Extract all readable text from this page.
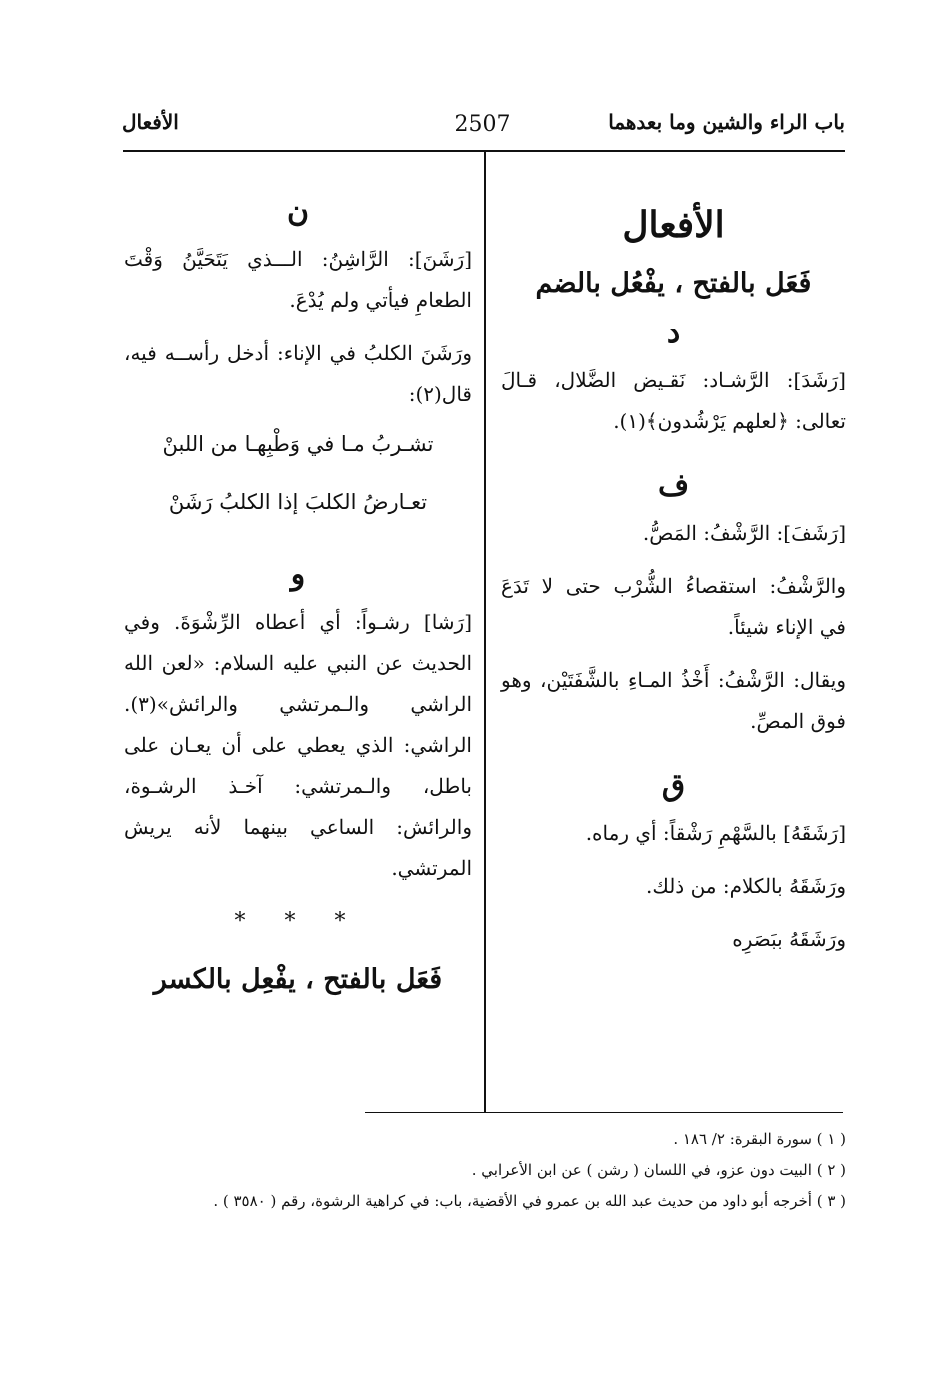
باب الراء والشين وما بعدهما
2507
الأفعال
الأفعال
فَعَل بالفتح ، يفْعُل بالضم
د

[رَشَدَ]: الرَّشـاد: نَقـيض الضَّلال، قـالَ تعالى: ﴿لعلهم يَرْشُدون﴾(١).

ف

[رَشَفَ]: الرَّشْفُ: المَصُّ.

والرَّشْفُ: استقصاءُ الشُّرْب حتى لا تَدَعَ في الإناء شيئاً.

ويقال: الرَّشْفُ: أَخْذُ المـاءِ بالشَّفَتَيْن، وهو فوق المصِّ.

ق

[رَشَقَهُ] بالسَّهْمِ رَشْقاً: أي رماه.

ورَشَقَهُ بالكلام: من ذلك.

ورَشَقَهُ ببَصَرِه

ن

[رَشَنَ]: الرَّاشِنُ: الـــذي يَتَحَيَّنُ وَقْتَ الطعامِ فيأتي ولم يُدْعَ.

ورَشَنَ الكلبُ في الإناء: أدخل رأســه فيه، قال(٢):

تشـربُ مـا في وَطْبِهـا من اللبنْ
تعـارضُ الكلبَ إذا الكلبُ رَشَنْ
و

[رَشا] رشـواً: أي أعطاه الرِّشْوَةَ. وفي الحديث عن النبي عليه السلام: «لعن الله الراشي والـمرتشي والرائش»(٣). الراشي: الذي يعطي على أن يعـان على باطل، والـمرتشي: آخـذ الرشـوة، والرائش: الساعي بينهما لأنه يريش المرتشي.

* * *
فَعَل بالفتح ، يفْعِل بالكسر
( ١ ) سورة البقرة: ٢/ ١٨٦ .
( ٢ ) البيت دون عزو، في اللسان ( رشن ) عن ابن الأعرابي .
( ٣ ) أخرجه أبو داود من حديث عبد الله بن عمرو في الأقضية، باب: في كراهية الرشوة، رقم ( ٣٥٨٠ ) .
